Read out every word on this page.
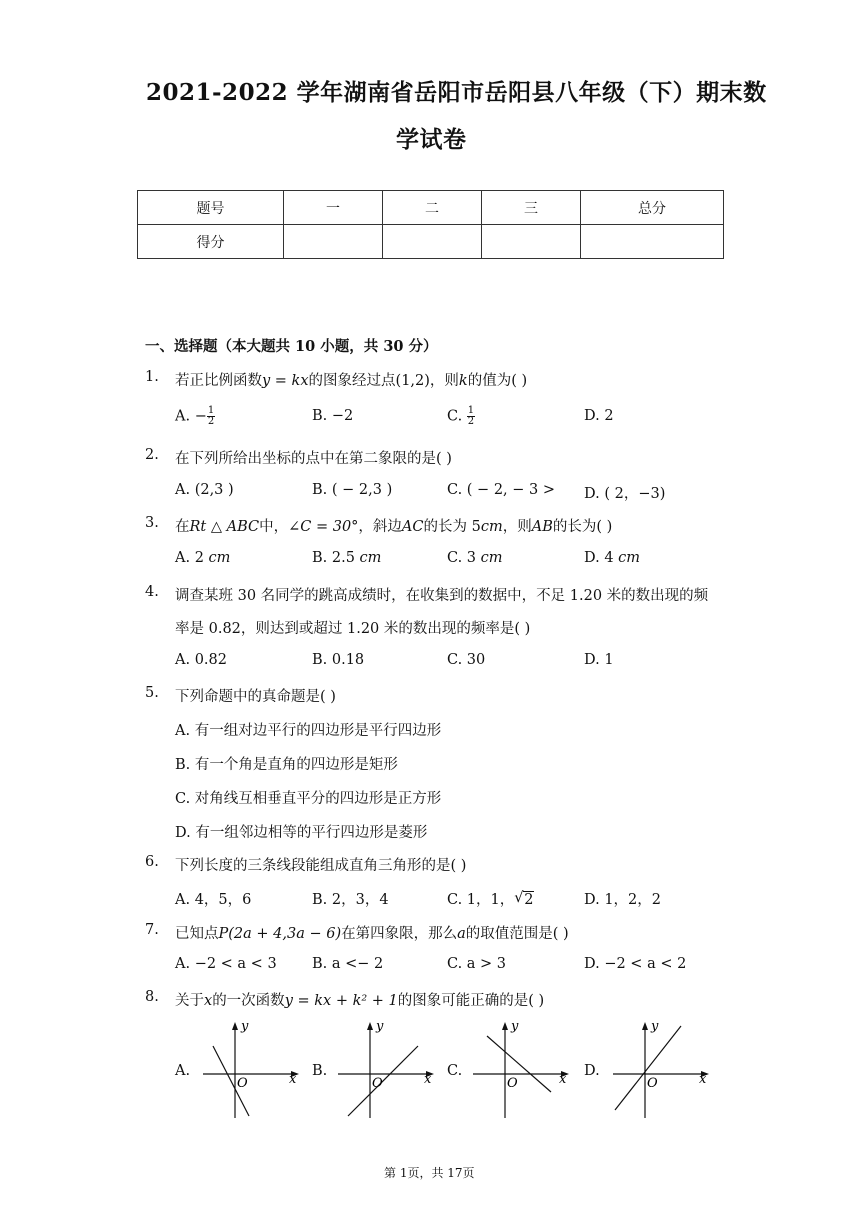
2021-2022 学年湖南省岳阳市岳阳县八年级（下）期末数
学试卷
题号	一	二	三	总分
得分				
一、选择题（本大题共 10 小题，共 30 分）
1. 若正比例函数y = kx的图象经过点(1,2)，则k的值为( )
A. − $\frac{1}{2}$	B. −2	C. $\frac{1}{2}$	D. 2
2. 在下列所给出坐标的点中在第二象限的是( )
A. (2,3 )	B. ( − 2,3 )	C. ( − 2, − 3 > D. ( 2，−3)
3. 在Rt △ ABC中，∠C = 30°，斜边AC的长为 5cm，则AB的长为( )
A. 2 cm	B. 2.5 cm	C. 3 cm	D. 4 cm
4. 调查某班 30 名同学的跳高成绩时，在收集到的数据中，不足 1.20 米的数出现的频
率是 0.82，则达到或超过 1.20 米的数出现的频率是( )
A. 0.82	B. 0.18	C. 30	D. 1
5. 下列命题中的真命题是( )
A. 有一组对边平行的四边形是平行四边形
B. 有一个角是直角的四边形是矩形
C. 对角线互相垂直平分的四边形是正方形
D. 有一组邻边相等的平行四边形是菱形
6. 下列长度的三条线段能组成直角三角形的是( )
A. 4，5，6	B. 2，3，4	C. 1，1， √ 2	D. 1，2，2
7. 已知点P(2a + 4,3a − 6)在第四象限，那么a的取值范围是( )
A. −2 < a < 3 B. a <− 2	C. a > 3	D. −2 < a < 2
8. 关于x的一次函数y = kx + k² + 1的图象可能正确的是( )
A.	B.	C.	D.
y
x
O
y
x
O
y
x
O
y
x
O
第 1页，共 17页
